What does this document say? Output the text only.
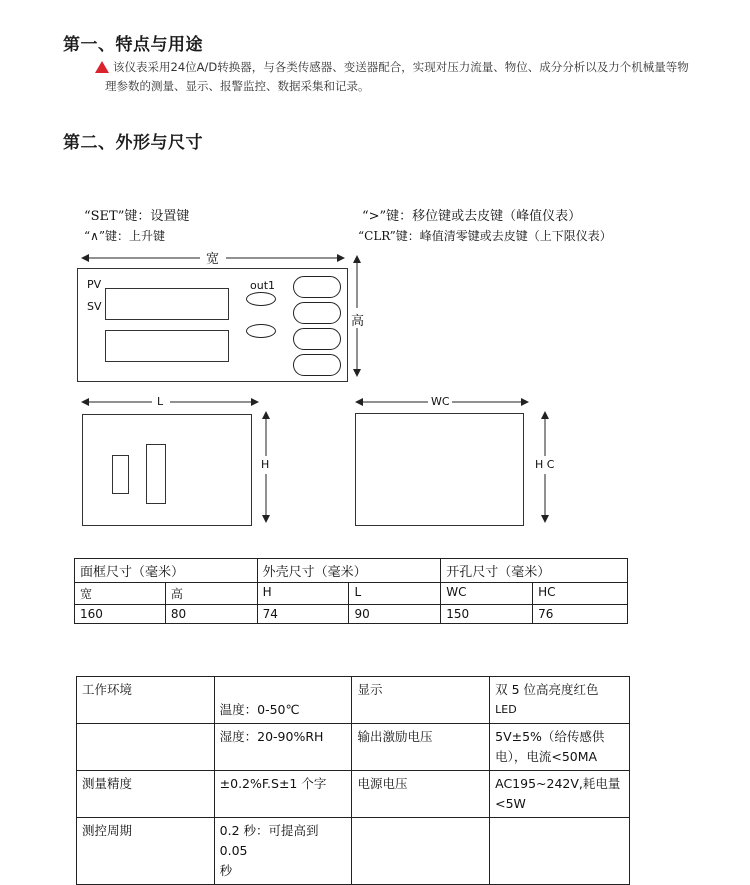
第一、特点与用途
该仪表采用24位A/D转换器，与各类传感器、变送器配合，实现对压力流量、物位、成分分析以及力个机械量等物
理参数的测量、显示、报警监控、数据采集和记录。
第二、外形与尺寸
“SET”键：设置键
“∧”键：上升键
“>”键：移位键或去皮键（峰值仪表）
“CLR”键：峰值清零键或去皮键（上下限仪表）
宽
高
PV
SV
out1
L
H
WC
H C
面框尺寸（毫米）		外壳尺寸（毫米）		开孔尺寸（毫米）	
宽	高	H	L	WC	HC
160	80	74	90	150	76
工作环境	温度：0-50℃	显示	双 5 位高亮度红色
LED

	湿度：20-90%RH	输出激励电压	5V±5%（给传感供
电），电流<50MA

测量精度	±0.2%F.S±1 个字	电源电压	AC195~242V,耗电量
<5W

测控周期	0.2 秒：可提高到 0.05
秒		
